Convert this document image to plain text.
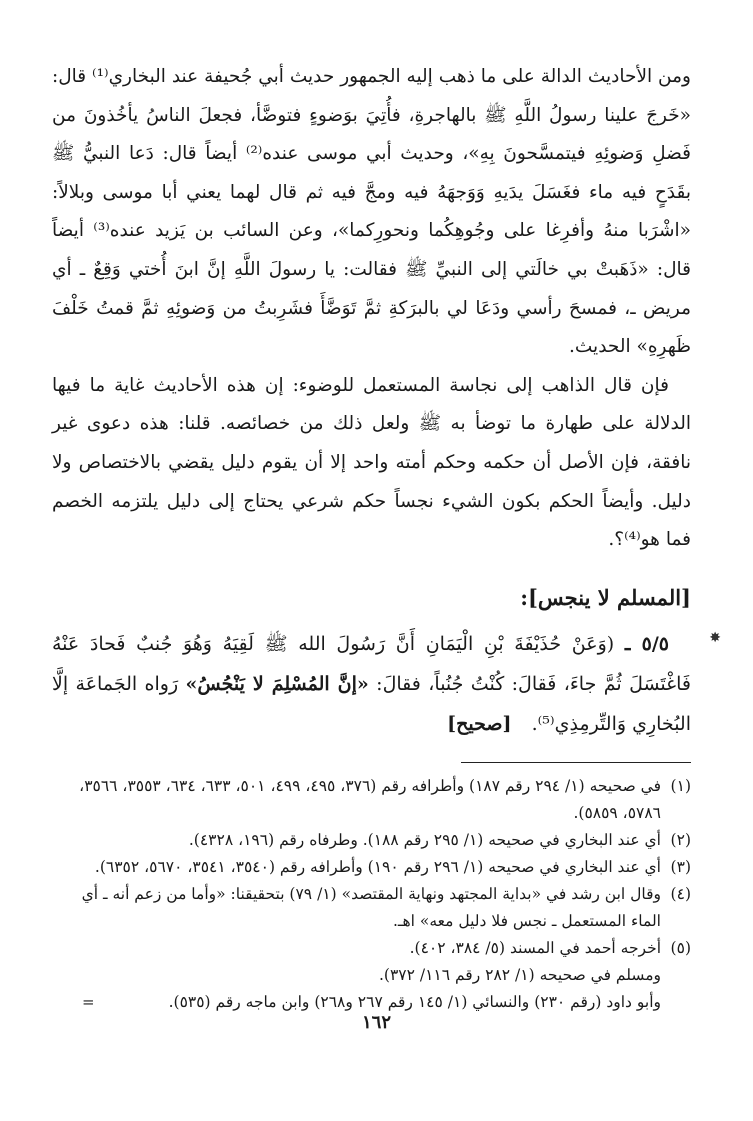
ومن الأحاديث الدالة على ما ذهب إليه الجمهور حديث أبي جُحيفة عند البخاري⁽¹⁾ قال: «خَرجَ علينا رسولُ اللَّهِ ﷺ بالهاجرةِ، فأُتِيَ بوَضوءٍ فتوضَّأ، فجعلَ الناسُ يأخُذونَ من فَضلِ وَضوئِهِ فيتمسَّحونَ بِهِ»، وحديث أبي موسى عنده⁽²⁾ أيضاً قال: دَعا النبيُّ ﷺ بقَدَحٍ فيه ماء فغَسَلَ يدَيهِ وَوَجهَهُ فيه ومجَّ فيه ثم قال لهما يعني أبا موسى وبلالاً: «اشْرَبا منهُ وأفرِغا على وجُوهِكُما ونحورِكما»، وعن السائب بن يَزيد عنده⁽³⁾ أيضاً قال: «ذَهَبتْ بي خالَتي إلى النبيِّ ﷺ فقالت: يا رسولَ اللَّهِ إنَّ ابنَ أُختي وَقِعٌ ـ أي مريض ـ، فمسحَ رأسي ودَعَا لي بالبرَكةِ ثمَّ تَوَضَّأَ فشَرِبتُ من وَضوئِهِ ثمَّ قمتُ خَلْفَ ظَهرِهِ» الحديث.

فإن قال الذاهب إلى نجاسة المستعمل للوضوء: إن هذه الأحاديث غاية ما فيها الدلالة على طهارة ما توضأ به ﷺ ولعل ذلك من خصائصه. قلنا: هذه دعوى غير نافقة، فإن الأصل أن حكمه وحكم أمته واحد إلا أن يقوم دليل يقضي بالاختصاص ولا دليل. وأيضاً الحكم بكون الشيء نجساً حكم شرعي يحتاج إلى دليل يلتزمه الخصم فما هو⁽⁴⁾؟.

[المسلم لا ينجس]:
✸

٥/٥ ـ (وَعَنْ حُذَيْفَةَ بْنِ الْيَمَانِ أَنَّ رَسُولَ الله ﷺ لَقِيَهُ وَهُوَ جُنبٌ فَحادَ عَنْهُ فَاغْتَسَلَ ثُمَّ جاءَ، فَقالَ: كُنْتُ جُنُباً، فقالَ: «إنَّ المُسْلِمَ لا يَنْجُسُ» رَواه الجَماعَة إلَّا البُخارِي وَالتِّرمِذِي⁽⁵⁾. [صحيح]

(١)
في صحيحه (١/ ٢٩٤ رقم ١٨٧) وأطرافه رقم (٣٧٦، ٤٩٥، ٤٩٩، ٥٠١، ٦٣٣، ٦٣٤، ٣٥٥٣، ٣٥٦٦، ٥٧٨٦، ٥٨٥٩).

(٢)
أي عند البخاري في صحيحه (١/ ٢٩٥ رقم ١٨٨). وطرفاه رقم (١٩٦، ٤٣٢٨).

(٣)
أي عند البخاري في صحيحه (١/ ٢٩٦ رقم ١٩٠) وأطرافه رقم (٣٥٤٠، ٣٥٤١، ٥٦٧٠، ٦٣٥٢).

(٤)
وقال ابن رشد في «بداية المجتهد ونهاية المقتصد» (١/ ٧٩) بتحقيقنا: «وأما من زعم أنه ـ أي الماء المستعمل ـ نجس فلا دليل معه» اهـ.

(٥)
أخرجه أحمد في المسند (٥/ ٣٨٤، ٤٠٢).

ومسلم في صحيحه (١/ ٢٨٢ رقم ١١٦/ ٣٧٢).

وأبو داود (رقم ٢٣٠) والنسائي (١/ ١٤٥ رقم ٢٦٧ و٢٦٨) وابن ماجه رقم (٥٣٥).
=

١٦٢
